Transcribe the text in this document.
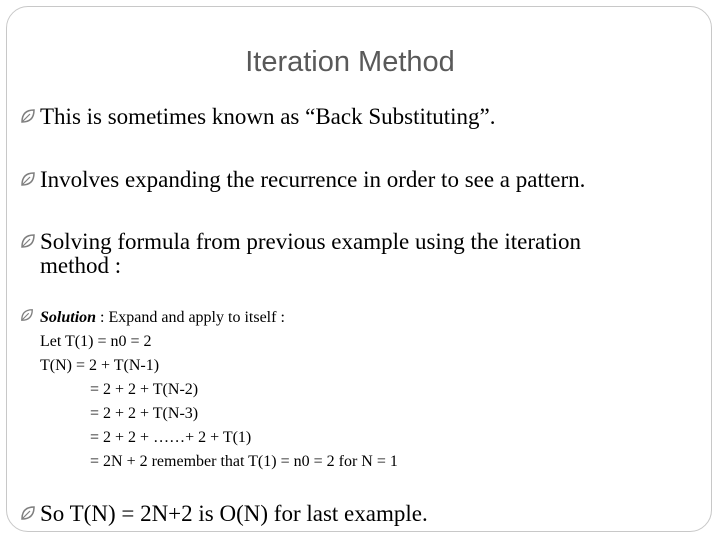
Iteration Method
This is sometimes known as “Back Substituting”.
Involves expanding the recurrence in order to see a pattern.
Solving formula from previous example using the iteration
method :
Solution : Expand and apply to itself :
Let T(1) = n0 = 2
T(N) = 2 + T(N-1)
= 2 + 2 + T(N-2)
= 2 + 2 + T(N-3)
= 2 + 2 + ……+ 2 + T(1)
= 2N + 2 remember that T(1) = n0 = 2 for N = 1
So T(N) = 2N+2 is O(N) for last example.
